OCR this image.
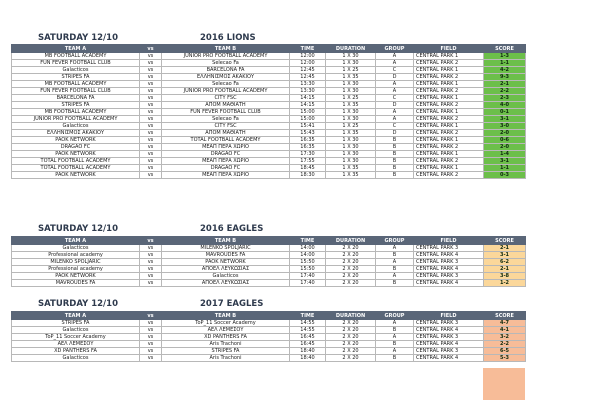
SATURDAY 12/10	2016 LIONS
TEAM A	vs	TEAM B	TIME	DURATION	GROUP	FIELD	SCORE
MB FOOTBALL ACADEMY	vs	JUNIOR PRO FOOTBALL ACADEMY	12:00	1 X 30	A	CENTRAL PARK 1	1-3
FUN FEVER FOOTBALL CLUB	vs	Selecao Fa	12:00	1 X 30	A	CENTRAL PARK 2	1-1
Galacticos	vs	BARCELONA FA	12:45	1 X 25	C	CENTRAL PARK 1	4-2
STRIPES FA	vs	ΕΛΛΗΝΙΣΜΟΣ ΑΚΑΚΙΟΥ	12:45	1 X 35	D	CENTRAL PARK 2	9-3
MB FOOTBALL ACADEMY	vs	Selecao Fa	13:30	1 X 30	A	CENTRAL PARK 1	2-1
FUN FEVER FOOTBALL CLUB	vs	JUNIOR PRO FOOTBALL ACADEMY	13:30	1 X 30	A	CENTRAL PARK 2	2-2
BARCELONA FA	vs	CITY FSC	14:15	1 X 25	C	CENTRAL PARK 1	2-3
STRIPES FA	vs	ΑΠΟΜ ΜΑΘΙΑΤΗ	14:15	1 X 35	D	CENTRAL PARK 2	4-0
MB FOOTBALL ACADEMY	vs	FUN FEVER FOOTBALL CLUB	15:00	1 X 30	A	CENTRAL PARK 1	0-1
JUNIOR PRO FOOTBALL ACADEMY	vs	Selecao Fa	15:00	1 X 30	A	CENTRAL PARK 2	3-1
Galacticos	vs	CITY FSC	15:41	1 X 25	C	CENTRAL PARK 1	3-0
ΕΛΛΗΝΙΣΜΟΣ ΑΚΑΚΙΟΥ	vs	ΑΠΟΜ ΜΑΘΙΑΤΗ	15:43	1 X 35	D	CENTRAL PARK 2	2-0
PAOK NETWORK	vs	TOTAL FOOTBALL ACADEMY	16:35	1 X 30	B	CENTRAL PARK 1	0-6
DRAGAO FC	vs	ΜΕΑΠ ΠΕΡΑ ΧΩΡΙΟ	16:35	1 X 30	B	CENTRAL PARK 2	2-0
PAOK NETWORK	vs	DRAGAO FC	17:30	1 X 30	B	CENTRAL PARK 1	1-4
TOTAL FOOTBALL ACADEMY	vs	ΜΕΑΠ ΠΕΡΑ ΧΩΡΙΟ	17:55	1 X 30	B	CENTRAL PARK 2	3-1
TOTAL FOOTBALL ACADEMY	vs	DRAGAO FC	18:45	1 X 35	B	CENTRAL PARK 1	1-1
PAOK NETWORK	vs	ΜΕΑΠ ΠΕΡΑ ΧΩΡΙΟ	18:30	1 X 35	B	CENTRAL PARK 2	0-3
SATURDAY 12/10	2016 EAGLES
TEAM A	vs	TEAM B	TIME	DURATION	GROUP	FIELD	SCORE
Galacticos	vs	MILENKO SPOLJARIC	14:00	2 X 20	A	CENTRAL PARK 3	2-1
Professional academy	vs	MAVROUDES FA	14:00	2 X 20	B	CENTRAL PARK 4	3-1
MILENKO SPOLJARIC	vs	PAOK NETWORK	15:50	2 X 20	A	CENTRAL PARK 3	6-2
Professional academy	vs	ΑΠΟΕΛ ΛΕΥΚΩΣΙΑΣ	15:50	2 X 20	B	CENTRAL PARK 4	2-1
PAOK NETWORK	vs	Galacticos	17:40	2 X 20	A	CENTRAL PARK 3	3-8
MAVROUDES FA	vs	ΑΠΟΕΛ ΛΕΥΚΩΣΙΑΣ	17:40	2 X 20	B	CENTRAL PARK 4	1-2
SATURDAY 12/10	2017 EAGLES
TEAM A	vs	TEAM B	TIME	DURATION	GROUP	FIELD	SCORE
STRIPES FA	vs	ToP_11 Soccer Academy	14:55	2 X 20	A	CENTRAL PARK 3	4-7
Galacticos	vs	ΑΕΛ ΛΕΜΕΣΟΥ	14:55	2 X 20	B	CENTRAL PARK 4	4-1
ToP_11 Soccer Academy	vs	XD PANTHERS FA	16:45	2 X 20	A	CENTRAL PARK 3	3-2
ΑΕΛ ΛΕΜΕΣΟΥ	vs	Aris Trachoni	16:45	2 X 20	B	CENTRAL PARK 4	2-2
XD PANTHERS FA	vs	STRIPES FA	18:40	2 X 20	A	CENTRAL PARK 3	6-5
Galacticos	vs	Aris Trachoni	18:40	2 X 20	B	CENTRAL PARK 4	5-3
